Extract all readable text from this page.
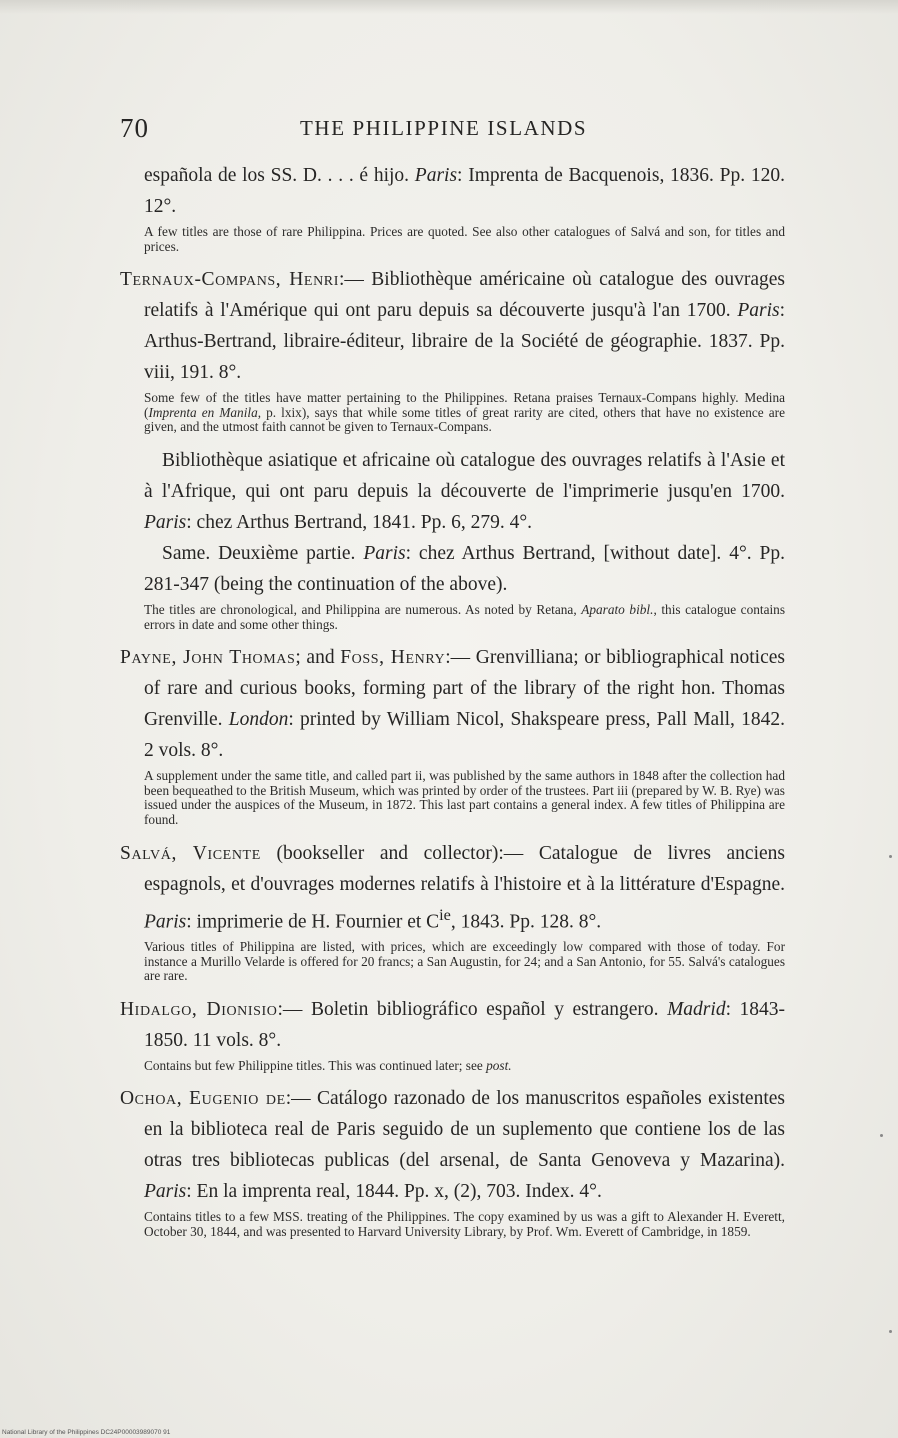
70	THE PHILIPPINE ISLANDS

española de los SS. D. . . . é hijo. Paris: Imprenta de Bacquenois, 1836. Pp. 120. 12°.

A few titles are those of rare Philippina. Prices are quoted. See also other catalogues of Salvá and son, for titles and prices.

Ternaux-Compans, Henri:— Bibliothèque américaine où catalogue des ouvrages relatifs à l'Amérique qui ont paru depuis sa découverte jusqu'à l'an 1700. Paris: Arthus-Bertrand, libraire-éditeur, libraire de la Société de géographie. 1837. Pp. viii, 191. 8°.

Some few of the titles have matter pertaining to the Philippines. Retana praises Ternaux-Compans highly. Medina (Imprenta en Manila, p. lxix), says that while some titles of great rarity are cited, others that have no existence are given, and the utmost faith cannot be given to Ternaux-Compans.

Bibliothèque asiatique et africaine où catalogue des ouvrages relatifs à l'Asie et à l'Afrique, qui ont paru depuis la découverte de l'imprimerie jusqu'en 1700. Paris: chez Arthus Bertrand, 1841. Pp. 6, 279. 4°.

Same. Deuxième partie. Paris: chez Arthus Bertrand, [without date]. 4°. Pp. 281-347 (being the continuation of the above).

The titles are chronological, and Philippina are numerous. As noted by Retana, Aparato bibl., this catalogue contains errors in date and some other things.

Payne, John Thomas; and Foss, Henry:— Grenvilliana; or bibliographical notices of rare and curious books, forming part of the library of the right hon. Thomas Grenville. London: printed by William Nicol, Shakspeare press, Pall Mall, 1842. 2 vols. 8°.

A supplement under the same title, and called part ii, was published by the same authors in 1848 after the collection had been bequeathed to the British Museum, which was printed by order of the trustees. Part iii (prepared by W. B. Rye) was issued under the auspices of the Museum, in 1872. This last part contains a general index. A few titles of Philippina are found.

Salvá, Vicente (bookseller and collector):— Catalogue de livres anciens espagnols, et d'ouvrages modernes relatifs à l'histoire et à la littérature d'Espagne. Paris: imprimerie de H. Fournier et $C^{ie}$, 1843. Pp. 128. 8°.

Various titles of Philippina are listed, with prices, which are exceedingly low compared with those of today. For instance a Murillo Velarde is offered for 20 francs; a San Augustin, for 24; and a San Antonio, for 55. Salvá's catalogues are rare.

Hidalgo, Dionisio:— Boletin bibliográfico español y estrangero. Madrid: 1843-1850. 11 vols. 8°.

Contains but few Philippine titles. This was continued later; see post.

Ochoa, Eugenio de:— Catálogo razonado de los manuscritos españoles existentes en la biblioteca real de Paris seguido de un suplemento que contiene los de las otras tres bibliotecas publicas (del arsenal, de Santa Genoveva y Mazarina). Paris: En la imprenta real, 1844. Pp. x, (2), 703. Index. 4°.

Contains titles to a few MSS. treating of the Philippines. The copy examined by us was a gift to Alexander H. Everett, October 30, 1844, and was presented to Harvard University Library, by Prof. Wm. Everett of Cambridge, in 1859.

National Library of the Philippines DC24P00003989070 91
